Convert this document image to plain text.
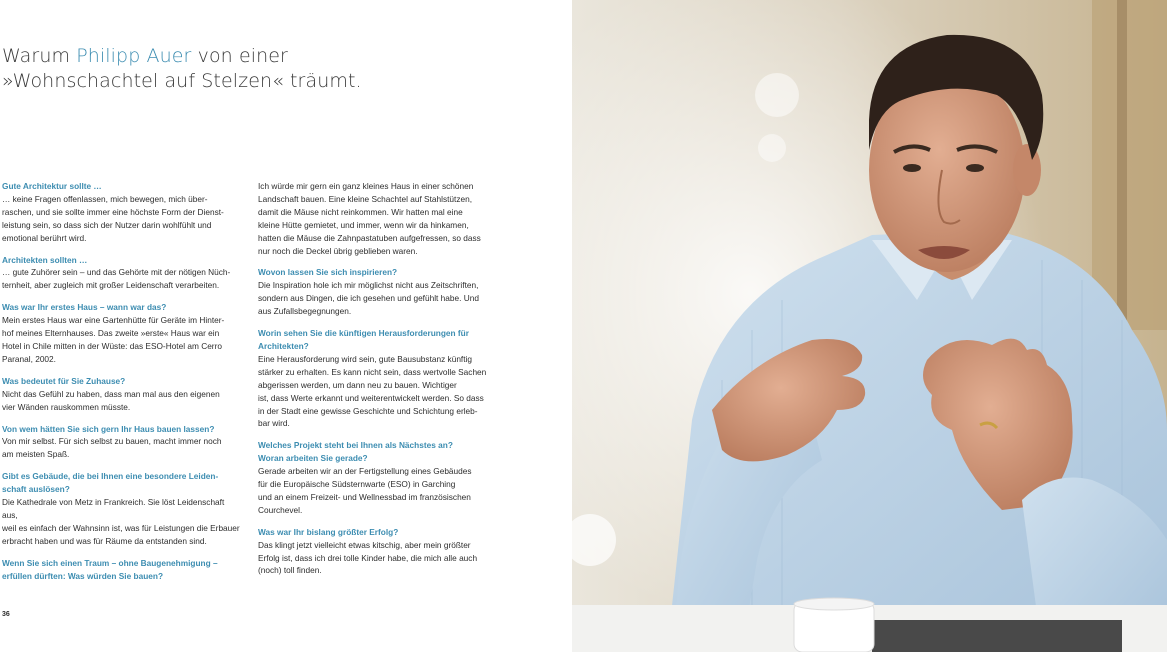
Warum Philipp Auer von einer
»Wohnschachtel auf Stelzen« träumt.

Gute Architektur sollte …

… keine Fragen offenlassen, mich bewegen, mich über-
raschen, und sie sollte immer eine höchste Form der Dienst-
leistung sein, so dass sich der Nutzer darin wohlfühlt und
emotional berührt wird.

Architekten sollten …

… gute Zuhörer sein – und das Gehörte mit der nötigen Nüch-
ternheit, aber zugleich mit großer Leidenschaft verarbeiten.

Was war Ihr erstes Haus – wann war das?

Mein erstes Haus war eine Gartenhütte für Geräte im Hinter-
hof meines Elternhauses. Das zweite »erste« Haus war ein
Hotel in Chile mitten in der Wüste: das ESO-Hotel am Cerro
Paranal, 2002.

Was bedeutet für Sie Zuhause?

Nicht das Gefühl zu haben, dass man mal aus den eigenen
vier Wänden rauskommen müsste.

Von wem hätten Sie sich gern Ihr Haus bauen lassen?

Von mir selbst. Für sich selbst zu bauen, macht immer noch
am meisten Spaß.

Gibt es Gebäude, die bei Ihnen eine besondere Leiden-
schaft auslösen?

Die Kathedrale von Metz in Frankreich. Sie löst Leidenschaft aus,
weil es einfach der Wahnsinn ist, was für Leistungen die Erbauer
erbracht haben und was für Räume da entstanden sind.

Wenn Sie sich einen Traum – ohne Baugenehmigung –
erfüllen dürften: Was würden Sie bauen?

Ich würde mir gern ein ganz kleines Haus in einer schönen
Landschaft bauen. Eine kleine Schachtel auf Stahlstützen,
damit die Mäuse nicht reinkommen. Wir hatten mal eine
kleine Hütte gemietet, und immer, wenn wir da hinkamen,
hatten die Mäuse die Zahnpastatuben aufgefressen, so dass
nur noch die Deckel übrig geblieben waren.

Wovon lassen Sie sich inspirieren?

Die Inspiration hole ich mir möglichst nicht aus Zeitschriften,
sondern aus Dingen, die ich gesehen und gefühlt habe. Und
aus Zufallsbegegnungen.

Worin sehen Sie die künftigen Herausforderungen für
Architekten?

Eine Herausforderung wird sein, gute Bausubstanz künftig
stärker zu erhalten. Es kann nicht sein, dass wertvolle Sachen
abgerissen werden, um dann neu zu bauen. Wichtiger
ist, dass Werte erkannt und weiterentwickelt werden. So dass
in der Stadt eine gewisse Geschichte und Schichtung erleb-
bar wird.

Welches Projekt steht bei Ihnen als Nächstes an?
Woran arbeiten Sie gerade?

Gerade arbeiten wir an der Fertigstellung eines Gebäudes
für die Europäische Südsternwarte (ESO) in Garching
und an einem Freizeit- und Wellnessbad im französischen
Courchevel.

Was war Ihr bislang größter Erfolg?

Das klingt jetzt vielleicht etwas kitschig, aber mein größter
Erfolg ist, dass ich drei tolle Kinder habe, die mich alle auch
(noch) toll finden.

36
